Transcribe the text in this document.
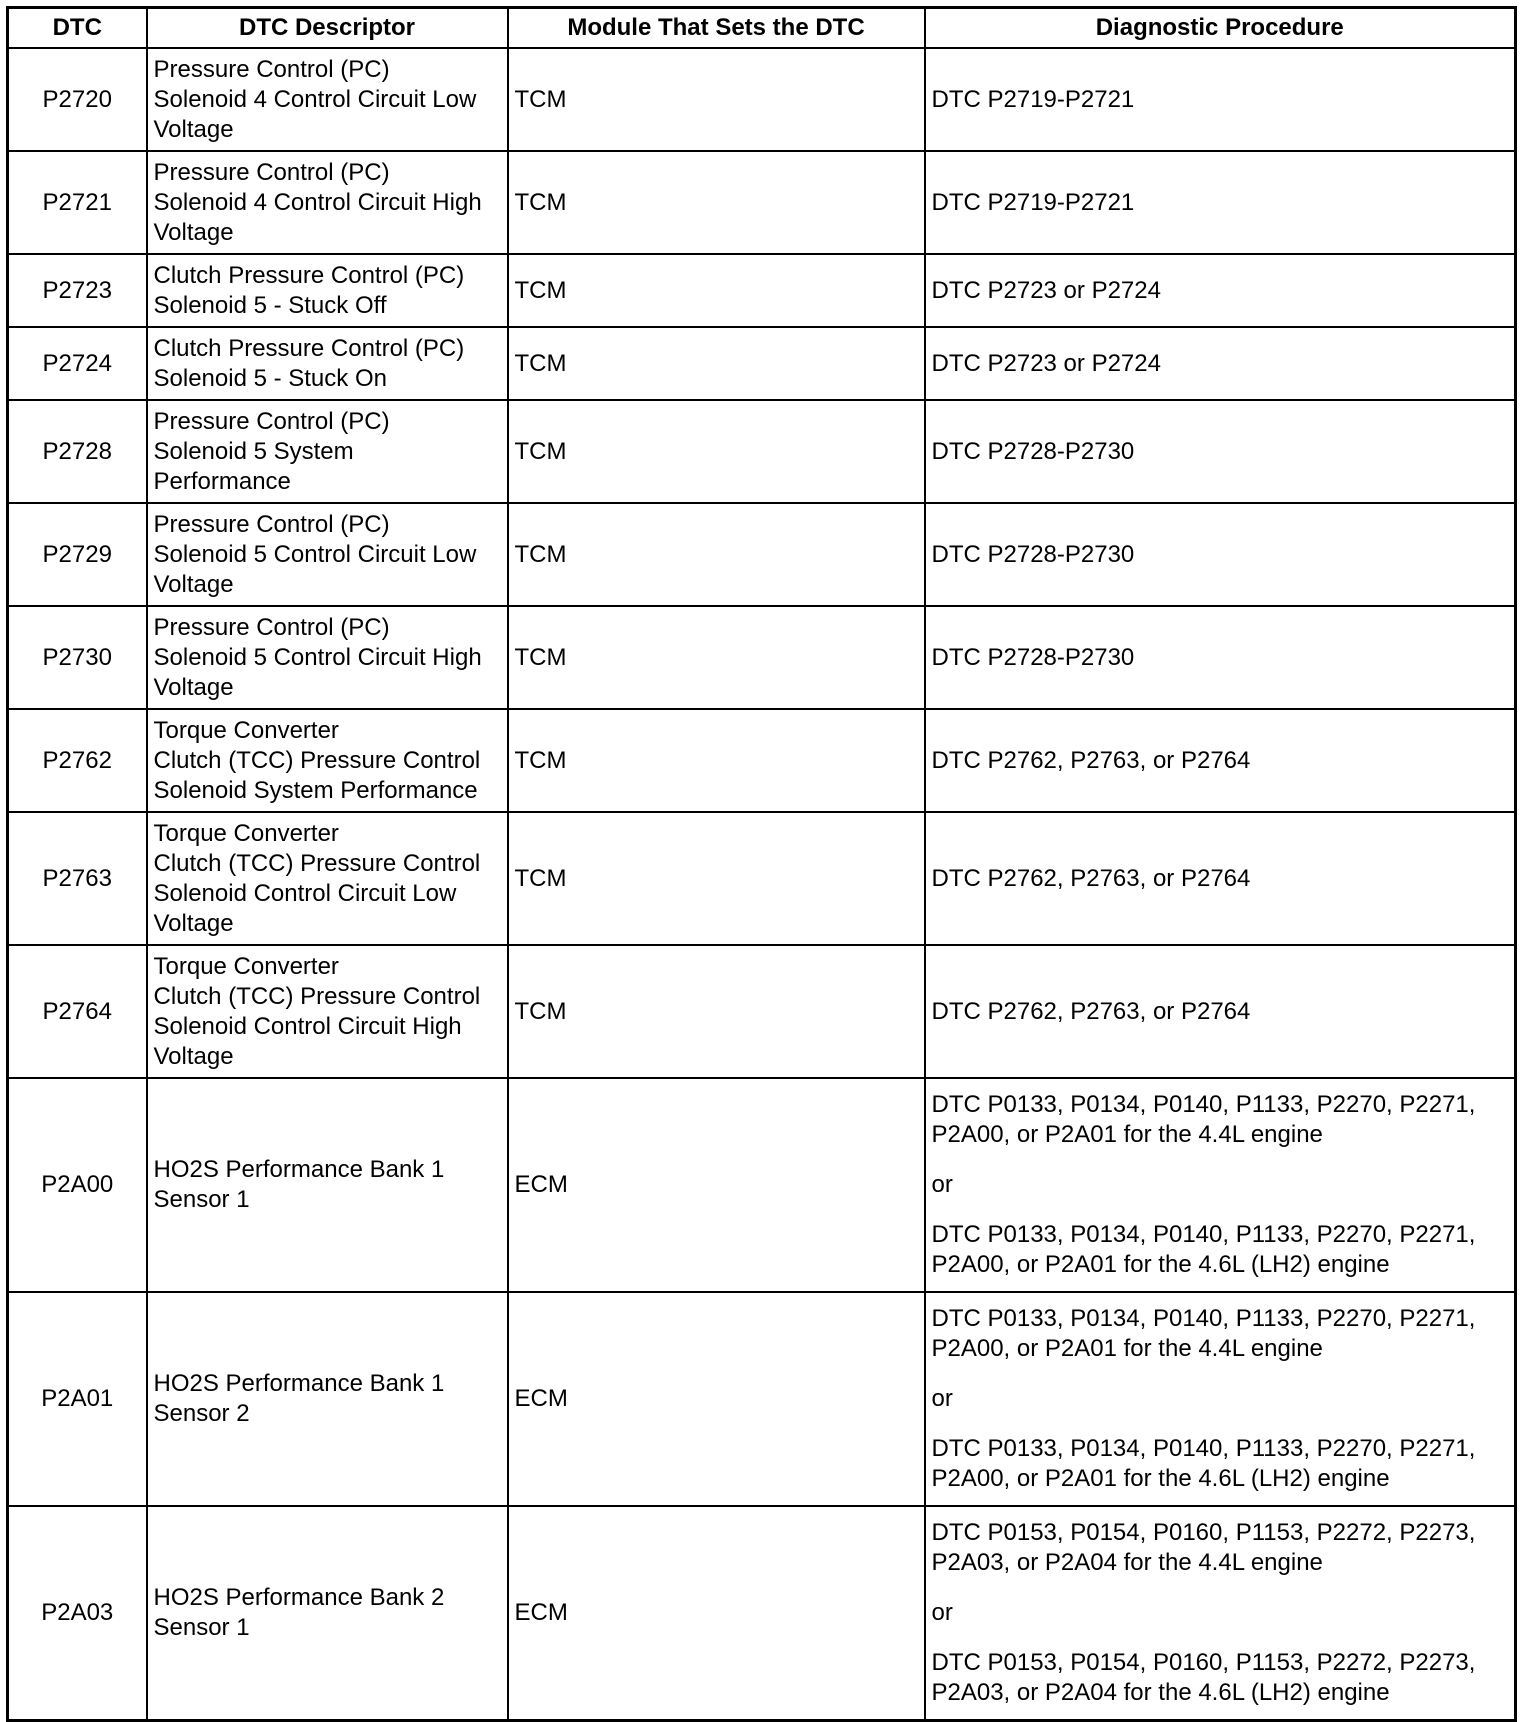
DTC	DTC Descriptor	Module That Sets the DTC	Diagnostic Procedure
P2720	Pressure Control (PC)
Solenoid 4 Control Circuit Low
Voltage	TCM	DTC P2719-P2721

P2721	Pressure Control (PC)
Solenoid 4 Control Circuit High
Voltage	TCM	DTC P2719-P2721

P2723	Clutch Pressure Control (PC)
Solenoid 5 - Stuck Off	TCM	DTC P2723 or P2724

P2724	Clutch Pressure Control (PC)
Solenoid 5 - Stuck On	TCM	DTC P2723 or P2724

P2728	Pressure Control (PC)
Solenoid 5 System
Performance	TCM	DTC P2728-P2730

P2729	Pressure Control (PC)
Solenoid 5 Control Circuit Low
Voltage	TCM	DTC P2728-P2730

P2730	Pressure Control (PC)
Solenoid 5 Control Circuit High
Voltage	TCM	DTC P2728-P2730

P2762	Torque Converter
Clutch (TCC) Pressure Control
Solenoid System Performance	TCM	DTC P2762, P2763, or P2764

P2763	Torque Converter
Clutch (TCC) Pressure Control
Solenoid Control Circuit Low
Voltage	TCM	DTC P2762, P2763, or P2764

P2764	Torque Converter
Clutch (TCC) Pressure Control
Solenoid Control Circuit High
Voltage	TCM	DTC P2762, P2763, or P2764

P2A00	HO2S Performance Bank 1
Sensor 1	ECM	DTC P0133, P0134, P0140, P1133, P2270, P2271, P2A00, or P2A01 for the 4.4L engine
or
DTC P0133, P0134, P0140, P1133, P2270, P2271, P2A00, or P2A01 for the 4.6L (LH2) engine

P2A01	HO2S Performance Bank 1
Sensor 2	ECM	DTC P0133, P0134, P0140, P1133, P2270, P2271, P2A00, or P2A01 for the 4.4L engine
or
DTC P0133, P0134, P0140, P1133, P2270, P2271, P2A00, or P2A01 for the 4.6L (LH2) engine

P2A03	HO2S Performance Bank 2
Sensor 1	ECM	DTC P0153, P0154, P0160, P1153, P2272, P2273, P2A03, or P2A04 for the 4.4L engine
or
DTC P0153, P0154, P0160, P1153, P2272, P2273, P2A03, or P2A04 for the 4.6L (LH2) engine
